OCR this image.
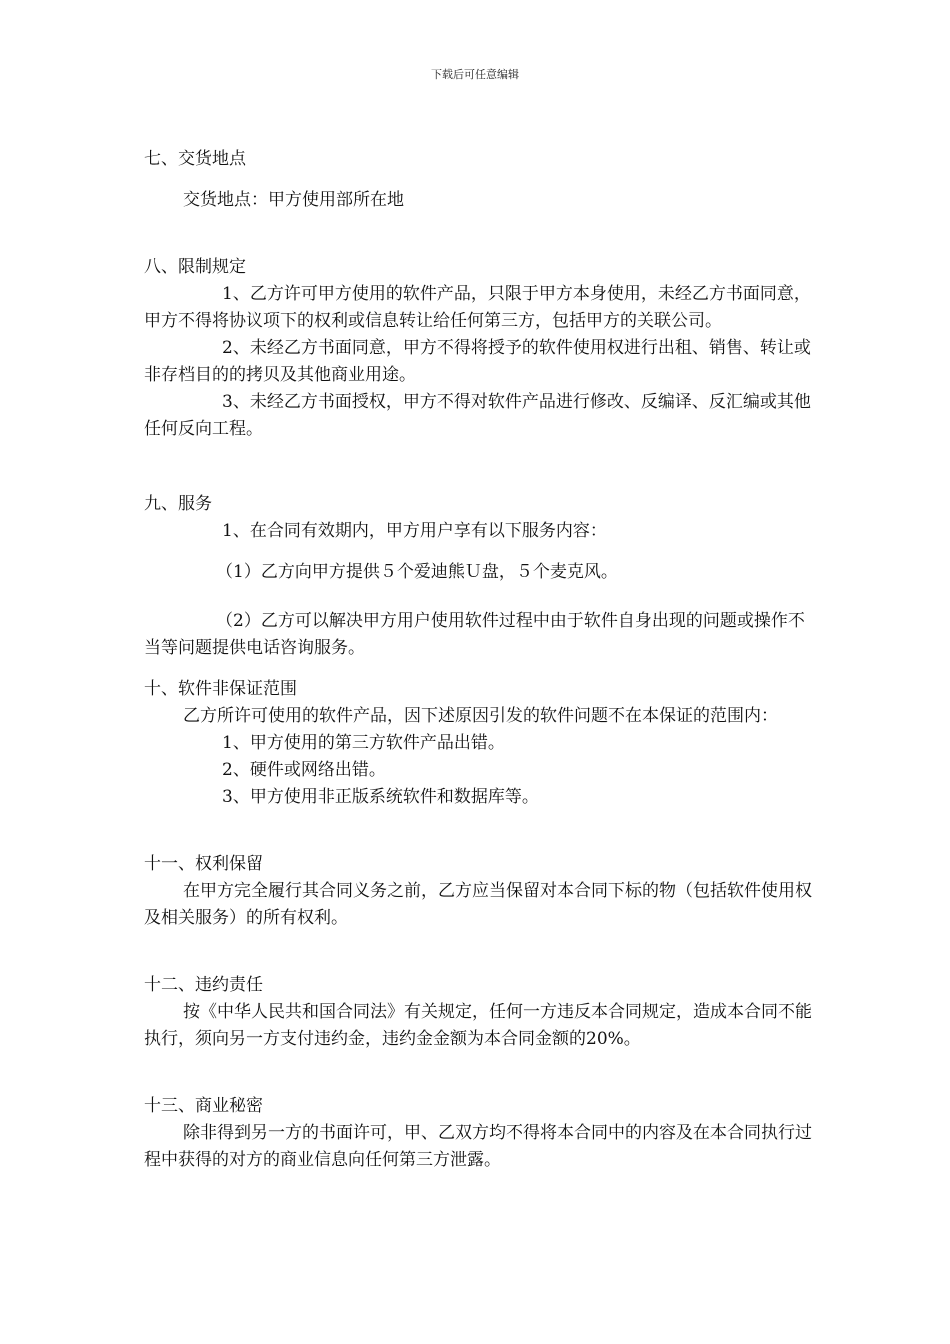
下载后可任意编辑

七、交货地点

交货地点：甲方使用部所在地

八、限制规定

1、乙方许可甲方使用的软件产品，只限于甲方本身使用，未经乙方书面同意，甲方不得将协议项下的权利或信息转让给任何第三方，包括甲方的关联公司。

2、未经乙方书面同意，甲方不得将授予的软件使用权进行出租、销售、转让或非存档目的的拷贝及其他商业用途。

3、未经乙方书面授权，甲方不得对软件产品进行修改、反编译、反汇编或其他任何反向工程。

九、服务

1、在合同有效期内，甲方用户享有以下服务内容：

（1）乙方向甲方提供５个爱迪熊Ｕ盘，５个麦克风。

（2）乙方可以解决甲方用户使用软件过程中由于软件自身出现的问题或操作不当等问题提供电话咨询服务。

十、软件非保证范围

乙方所许可使用的软件产品，因下述原因引发的软件问题不在本保证的范围内：

1、甲方使用的第三方软件产品出错。

2、硬件或网络出错。

3、甲方使用非正版系统软件和数据库等。

十一、权利保留

在甲方完全履行其合同义务之前，乙方应当保留对本合同下标的物（包括软件使用权及相关服务）的所有权利。

十二、违约责任

按《中华人民共和国合同法》有关规定，任何一方违反本合同规定，造成本合同不能执行，须向另一方支付违约金，违约金金额为本合同金额的20%。

十三、商业秘密

除非得到另一方的书面许可，甲、乙双方均不得将本合同中的内容及在本合同执行过程中获得的对方的商业信息向任何第三方泄露。
